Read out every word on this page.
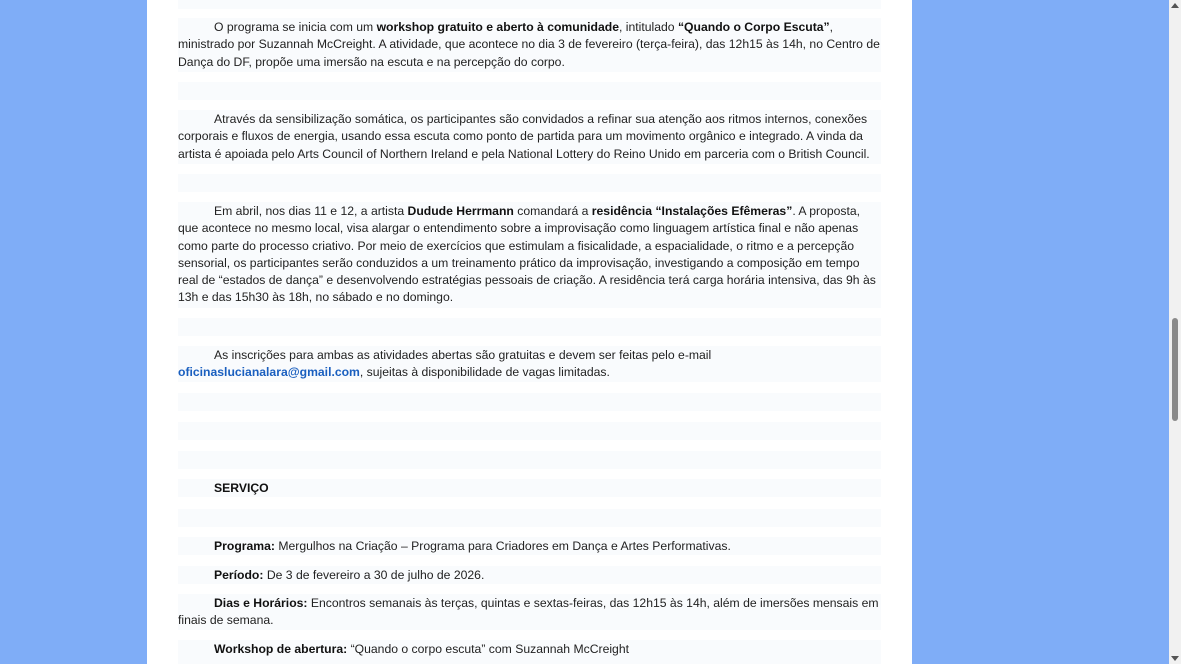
O programa se inicia com um workshop gratuito e aberto à comunidade, intitulado “Quando o Corpo Escuta”, ministrado por Suzannah McCreight. A atividade, que acontece no dia 3 de fevereiro (terça-feira), das 12h15 às 14h, no Centro de Dança do DF, propõe uma imersão na escuta e na percepção do corpo.

Através da sensibilização somática, os participantes são convidados a refinar sua atenção aos ritmos internos, conexões corporais e fluxos de energia, usando essa escuta como ponto de partida para um movimento orgânico e integrado. A vinda da artista é apoiada pelo Arts Council of Northern Ireland e pela National Lottery do Reino Unido em parceria com o British Council.

Em abril, nos dias 11 e 12, a artista Dudude Herrmann comandará a residência “Instalações Efêmeras”. A proposta, que acontece no mesmo local, visa alargar o entendimento sobre a improvisação como linguagem artística final e não apenas como parte do processo criativo. Por meio de exercícios que estimulam a fisicalidade, a espacialidade, o ritmo e a percepção sensorial, os participantes serão conduzidos a um treinamento prático da improvisação, investigando a composição em tempo real de “estados de dança” e desenvolvendo estratégias pessoais de criação. A residência terá carga horária intensiva, das 9h às 13h e das 15h30 às 18h, no sábado e no domingo.

As inscrições para ambas as atividades abertas são gratuitas e devem ser feitas pelo e-mail oficinaslucianalara@gmail.com, sujeitas à disponibilidade de vagas limitadas.

SERVIÇO

Programa: Mergulhos na Criação – Programa para Criadores em Dança e Artes Performativas.

Período: De 3 de fevereiro a 30 de julho de 2026.

Dias e Horários: Encontros semanais às terças, quintas e sextas-feiras, das 12h15 às 14h, além de imersões mensais em finais de semana.

Workshop de abertura: “Quando o corpo escuta” com Suzannah McCreight
